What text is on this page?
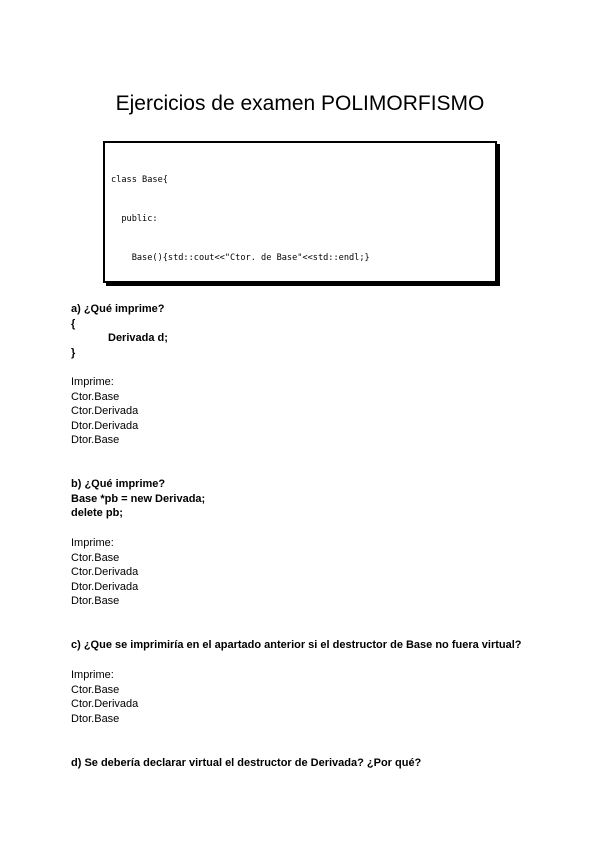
Ejercicios de examen POLIMORFISMO

class Base{

public:

Base(){std::cout<<"Ctor. de Base"<<std::endl;}

a) ¿Qué imprime?
{
Derivada d;
}
Imprime:
Ctor.Base
Ctor.Derivada
Dtor.Derivada
Dtor.Base
b) ¿Qué imprime?
Base *pb = new Derivada;
delete pb;
Imprime:
Ctor.Base
Ctor.Derivada
Dtor.Derivada
Dtor.Base
c) ¿Que se imprimiría en el apartado anterior si el destructor de Base no fuera virtual?
Imprime:
Ctor.Base
Ctor.Derivada
Dtor.Base
d) Se debería declarar virtual el destructor de Derivada? ¿Por qué?
